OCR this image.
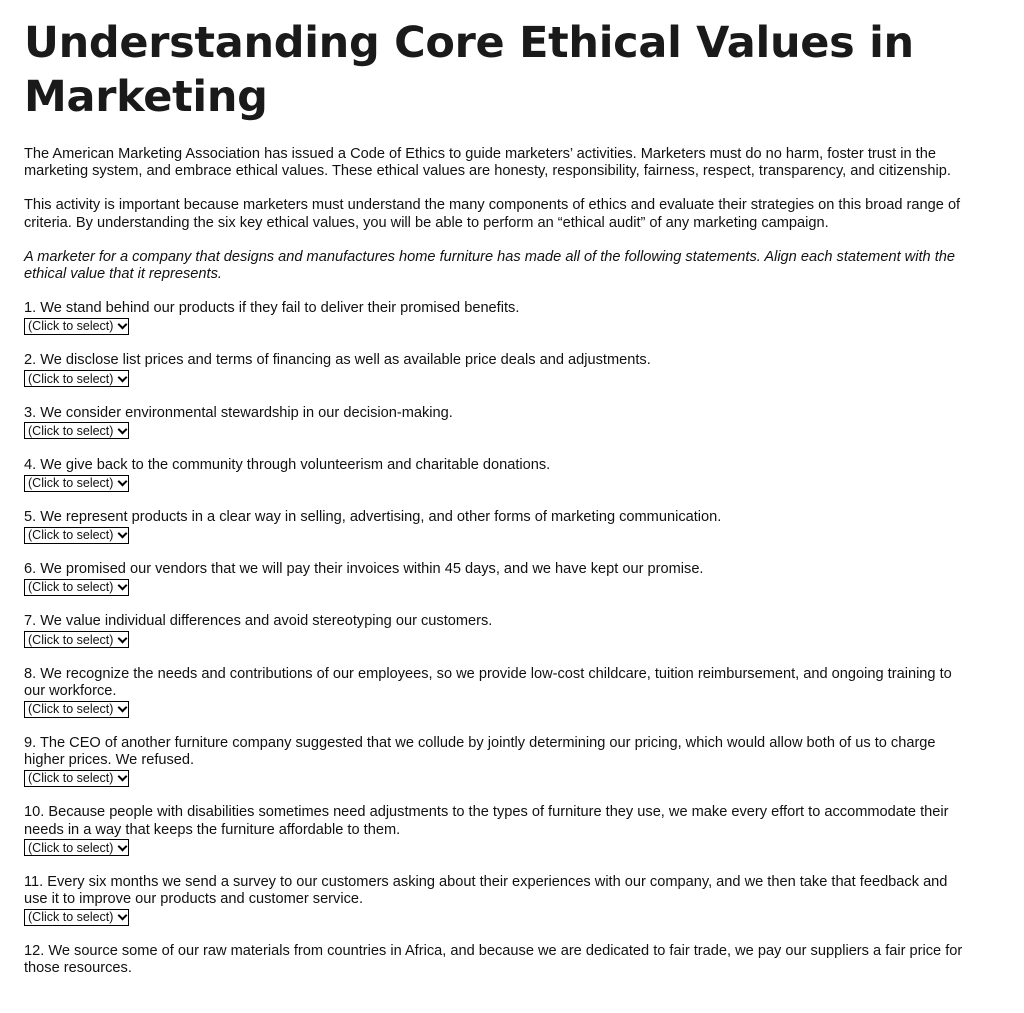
Understanding Core Ethical Values in Marketing

The American Marketing Association has issued a Code of Ethics to guide marketers’ activities. Marketers must do no harm, foster trust in the marketing system, and embrace ethical values. These ethical values are honesty, responsibility, fairness, respect, transparency, and citizenship.

This activity is important because marketers must understand the many components of ethics and evaluate their strategies on this broad range of criteria. By understanding the six key ethical values, you will be able to perform an “ethical audit” of any marketing campaign.

A marketer for a company that designs and manufactures home furniture has made all of the following statements. Align each statement with the ethical value that it represents.

1. We stand behind our products if they fail to deliver their promised benefits.
(Click to select)
2. We disclose list prices and terms of financing as well as available price deals and adjustments.
(Click to select)
3. We consider environmental stewardship in our decision-making.
(Click to select)
4. We give back to the community through volunteerism and charitable donations.
(Click to select)
5. We represent products in a clear way in selling, advertising, and other forms of marketing communication.
(Click to select)
6. We promised our vendors that we will pay their invoices within 45 days, and we have kept our promise.
(Click to select)
7. We value individual differences and avoid stereotyping our customers.
(Click to select)
8. We recognize the needs and contributions of our employees, so we provide low-cost childcare, tuition reimbursement, and ongoing training to our workforce.
(Click to select)
9. The CEO of another furniture company suggested that we collude by jointly determining our pricing, which would allow both of us to charge higher prices. We refused.
(Click to select)
10. Because people with disabilities sometimes need adjustments to the types of furniture they use, we make every effort to accommodate their needs in a way that keeps the furniture affordable to them.
(Click to select)
11. Every six months we send a survey to our customers asking about their experiences with our company, and we then take that feedback and use it to improve our products and customer service.
(Click to select)
12. We source some of our raw materials from countries in Africa, and because we are dedicated to fair trade, we pay our suppliers a fair price for those resources.
